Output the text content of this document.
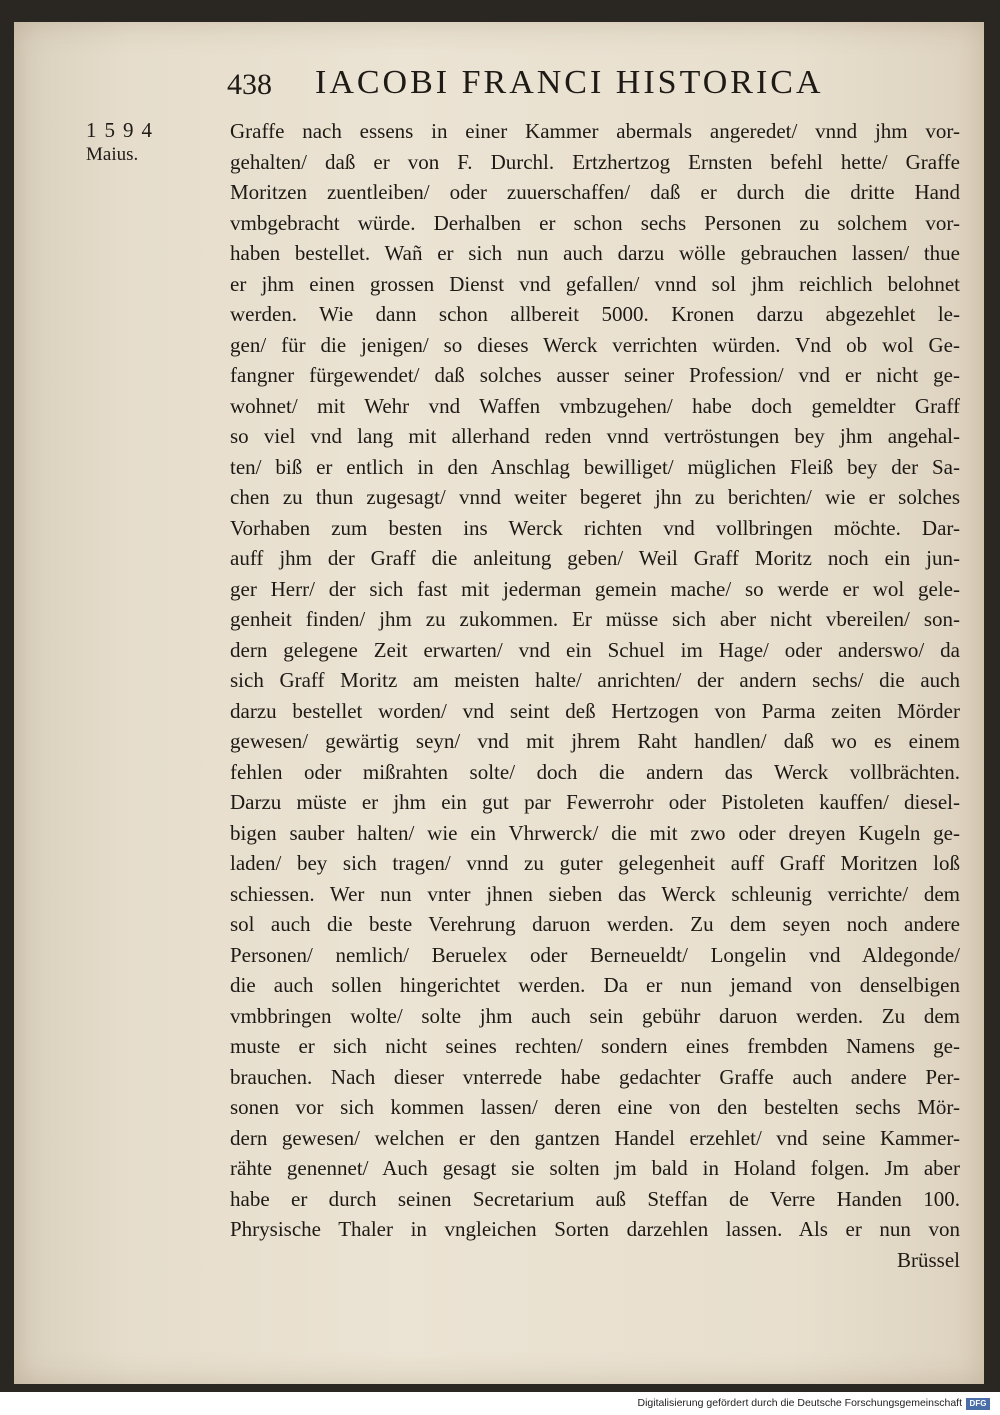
438 IACOBI FRANCI HISTORICA
1594
Maius.
Graffe nach essens in einer Kammer abermals angeredet/ vnnd jhm vor-
gehalten/ daß er von F. Durchl. Ertzhertzog Ernsten befehl hette/ Graffe
Moritzen zuentleiben/ oder zuuerschaffen/ daß er durch die dritte Hand
vmbgebracht würde. Derhalben er schon sechs Personen zu solchem vor-
haben bestellet. Wañ er sich nun auch darzu wölle gebrauchen lassen/ thue
er jhm einen grossen Dienst vnd gefallen/ vnnd sol jhm reichlich belohnet
werden. Wie dann schon allbereit 5000. Kronen darzu abgezehlet le-
gen/ für die jenigen/ so dieses Werck verrichten würden. Vnd ob wol Ge-
fangner fürgewendet/ daß solches ausser seiner Profession/ vnd er nicht ge-
wohnet/ mit Wehr vnd Waffen vmbzugehen/ habe doch gemeldter Graff
so viel vnd lang mit allerhand reden vnnd vertröstungen bey jhm angehal-
ten/ biß er entlich in den Anschlag bewilliget/ müglichen Fleiß bey der Sa-
chen zu thun zugesagt/ vnnd weiter begeret jhn zu berichten/ wie er solches
Vorhaben zum besten ins Werck richten vnd vollbringen möchte. Dar-
auff jhm der Graff die anleitung geben/ Weil Graff Moritz noch ein jun-
ger Herr/ der sich fast mit jederman gemein mache/ so werde er wol gele-
genheit finden/ jhm zu zukommen. Er müsse sich aber nicht vbereilen/ son-
dern gelegene Zeit erwarten/ vnd ein Schuel im Hage/ oder anderswo/ da
sich Graff Moritz am meisten halte/ anrichten/ der andern sechs/ die auch
darzu bestellet worden/ vnd seint deß Hertzogen von Parma zeiten Mörder
gewesen/ gewärtig seyn/ vnd mit jhrem Raht handlen/ daß wo es einem
fehlen oder mißrahten solte/ doch die andern das Werck vollbrächten.
Darzu müste er jhm ein gut par Fewerrohr oder Pistoleten kauffen/ diesel-
bigen sauber halten/ wie ein Vhrwerck/ die mit zwo oder dreyen Kugeln ge-
laden/ bey sich tragen/ vnnd zu guter gelegenheit auff Graff Moritzen loß
schiessen. Wer nun vnter jhnen sieben das Werck schleunig verrichte/ dem
sol auch die beste Verehrung daruon werden. Zu dem seyen noch andere
Personen/ nemlich/ Beruelex oder Berneueldt/ Longelin vnd Aldegonde/
die auch sollen hingerichtet werden. Da er nun jemand von denselbigen
vmbbringen wolte/ solte jhm auch sein gebühr daruon werden. Zu dem
muste er sich nicht seines rechten/ sondern eines frembden Namens ge-
brauchen. Nach dieser vnterrede habe gedachter Graffe auch andere Per-
sonen vor sich kommen lassen/ deren eine von den bestelten sechs Mör-
dern gewesen/ welchen er den gantzen Handel erzehlet/ vnd seine Kammer-
rähte genennet/ Auch gesagt sie solten jm bald in Holand folgen. Jm aber
habe er durch seinen Secretarium auß Steffan de Verre Handen 100.
Phrysische Thaler in vngleichen Sorten darzehlen lassen. Als er nun von
Brüssel
Digitalisierung gefördert durch die Deutsche Forschungsgemeinschaft DFG
